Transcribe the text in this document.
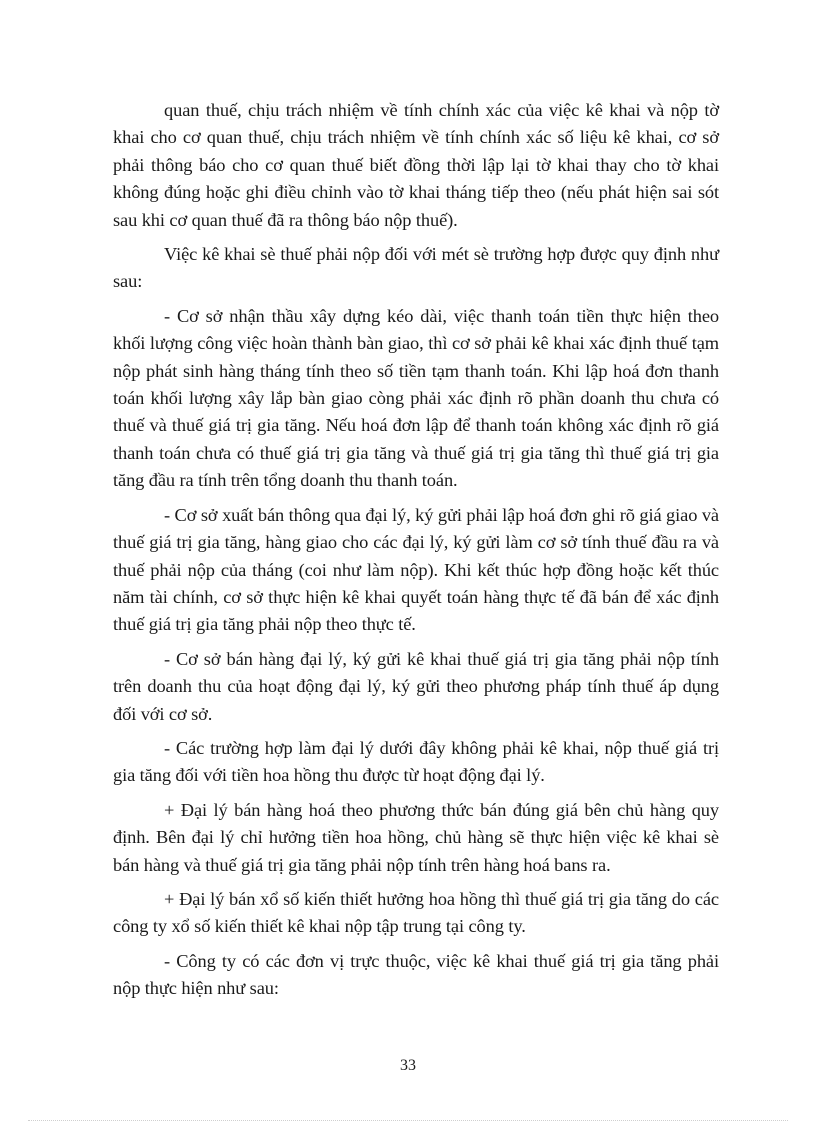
quan thuế, chịu trách nhiệm về tính chính xác của việc kê khai và nộp tờ khai cho cơ quan thuế, chịu trách nhiệm về tính chính xác số liệu kê khai, cơ sở phải thông báo cho cơ quan thuế biết đồng thời lập lại tờ khai thay cho tờ khai không đúng hoặc ghi điều chỉnh vào tờ khai tháng tiếp theo (nếu phát hiện sai sót sau khi cơ quan thuế đã ra thông báo nộp thuế).

Việc kê khai sè thuế phải nộp đối với mét sè trường hợp được quy định như sau:

- Cơ sở nhận thầu xây dựng kéo dài, việc thanh toán tiền thực hiện theo khối lượng công việc hoàn thành bàn giao, thì cơ sở phải kê khai xác định thuế tạm nộp phát sinh hàng tháng tính theo số tiền tạm thanh toán. Khi lập hoá đơn thanh toán khối lượng xây lắp bàn giao còng phải xác định rõ phần doanh thu chưa có thuế và thuế giá trị gia tăng. Nếu hoá đơn lập để thanh toán không xác định rõ giá thanh toán chưa có thuế giá trị gia tăng và thuế giá trị gia tăng thì thuế giá trị gia tăng đầu ra tính trên tổng doanh thu thanh toán.

- Cơ sở xuất bán thông qua đại lý, ký gửi phải lập hoá đơn ghi rõ giá giao và thuế giá trị gia tăng, hàng giao cho các đại lý, ký gửi làm cơ sở tính thuế đầu ra và thuế phải nộp của tháng (coi như làm nộp). Khi kết thúc hợp đồng hoặc kết thúc năm tài chính, cơ sở thực hiện kê khai quyết toán hàng thực tế đã bán để xác định thuế giá trị gia tăng phải nộp theo thực tế.

- Cơ sở bán hàng đại lý, ký gửi kê khai thuế giá trị gia tăng phải nộp tính trên doanh thu của hoạt động đại lý, ký gửi theo phương pháp tính thuế áp dụng đối với cơ sở.

- Các trường hợp làm đại lý dưới đây không phải kê khai, nộp thuế giá trị gia tăng đối với tiền hoa hồng thu được từ hoạt động đại lý.

+ Đại lý bán hàng hoá theo phương thức bán đúng giá bên chủ hàng quy định. Bên đại lý chỉ hưởng tiền hoa hồng, chủ hàng sẽ thực hiện việc kê khai sè bán hàng và thuế giá trị gia tăng phải nộp tính trên hàng hoá bans ra.

+ Đại lý bán xổ số kiến thiết hưởng hoa hồng thì thuế giá trị gia tăng do các công ty xổ số kiến thiết kê khai nộp tập trung tại công ty.

- Công ty có các đơn vị trực thuộc, việc kê khai thuế giá trị gia tăng phải nộp thực hiện như sau:

33
